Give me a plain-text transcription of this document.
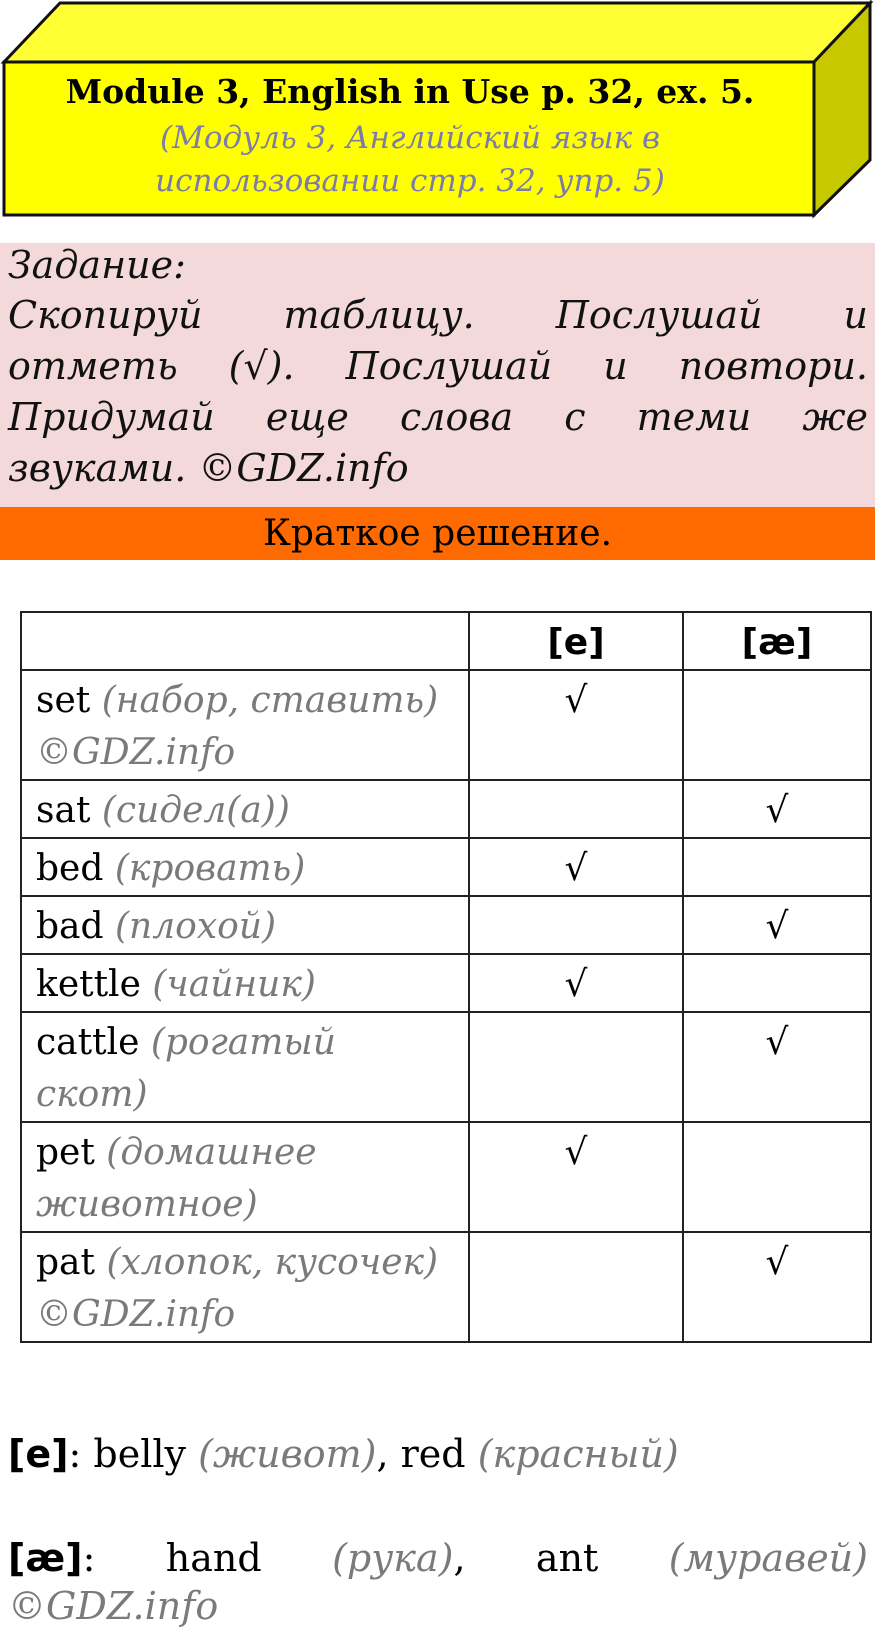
Module 3, English in Use p. 32, ex. 5.
(Модуль 3, Английский язык в
использовании стр. 32, упр. 5)
Задание:
Скопируй таблицу. Послушай и
отметь (√). Послушай и повтори.
Придумай еще слова с теми же
звуками. ©GDZ.info
Краткое решение.
	[e]	[æ]
set (набор, ставить) ©GDZ.info	√	
sat (сидел(а))		√
bed (кровать)	√	
bad (плохой)		√
kettle (чайник)	√	
cattle (рогатый скот)		√
pet (домашнее животное)	√	
pat (хлопок, кусочек) ©GDZ.info		√
[e]: belly (живот), red (красный)
[æ]: hand (рука), ant (муравей)
©GDZ.info
